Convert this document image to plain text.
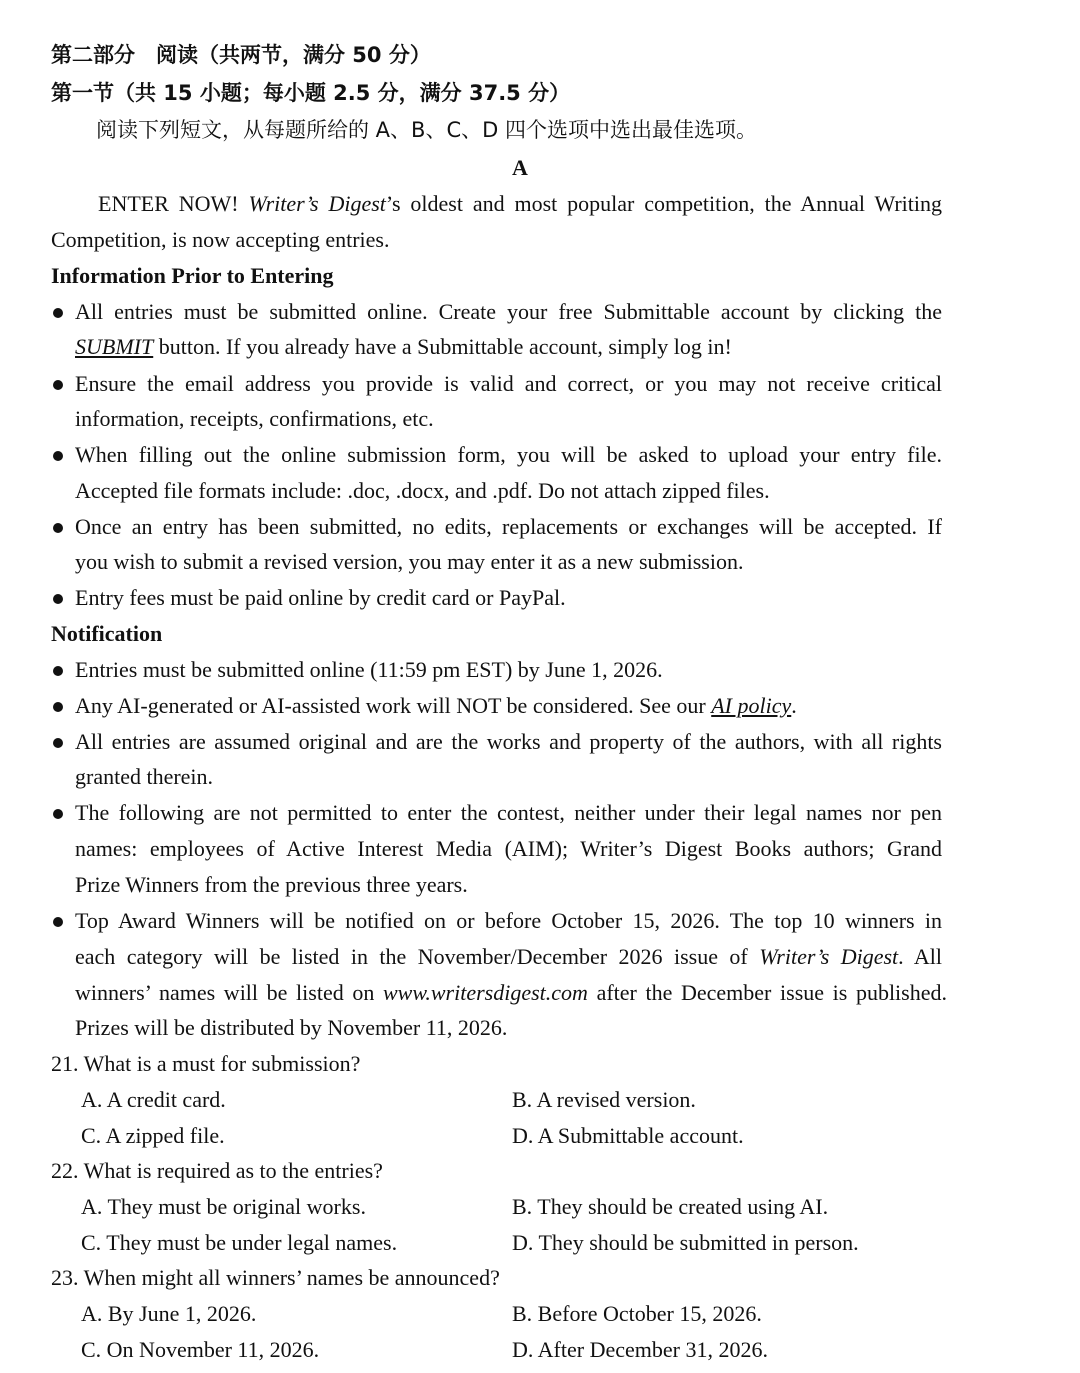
第二部分　阅读（共两节，满分 50 分）
第一节（共 15 小题；每小题 2.5 分，满分 37.5 分）
阅读下列短文，从每题所给的 A、B、C、D 四个选项中选出最佳选项。
A
ENTER NOW! Writer’s Digest’s oldest and most popular competition, the Annual Writing
Competition, is now accepting entries.
Information Prior to Entering
All entries must be submitted online. Create your free Submittable account by clicking the
SUBMIT button. If you already have a Submittable account, simply log in!
Ensure the email address you provide is valid and correct, or you may not receive critical
information, receipts, confirmations, etc.
When filling out the online submission form, you will be asked to upload your entry file.
Accepted file formats include: .doc, .docx, and .pdf. Do not attach zipped files.
Once an entry has been submitted, no edits, replacements or exchanges will be accepted. If
you wish to submit a revised version, you may enter it as a new submission.
Entry fees must be paid online by credit card or PayPal.
Notification
Entries must be submitted online (11:59 pm EST) by June 1, 2026.
Any AI-generated or AI-assisted work will NOT be considered. See our AI policy.
All entries are assumed original and are the works and property of the authors, with all rights
granted therein.
The following are not permitted to enter the contest, neither under their legal names nor pen
names: employees of Active Interest Media (AIM); Writer’s Digest Books authors; Grand
Prize Winners from the previous three years.
Top Award Winners will be notified on or before October 15, 2026. The top 10 winners in
each category will be listed in the November/December 2026 issue of Writer’s Digest. All
winners’ names will be listed on www.writersdigest.com after the December issue is published.
Prizes will be distributed by November 11, 2026.
21. What is a must for submission?
A. A credit card.	B. A revised version.
C. A zipped file.	D. A Submittable account.
22. What is required as to the entries?
A. They must be original works.	B. They should be created using AI.
C. They must be under legal names.	D. They should be submitted in person.
23. When might all winners’ names be announced?
A. By June 1, 2026.	B. Before October 15, 2026.
C. On November 11, 2026.	D. After December 31, 2026.
